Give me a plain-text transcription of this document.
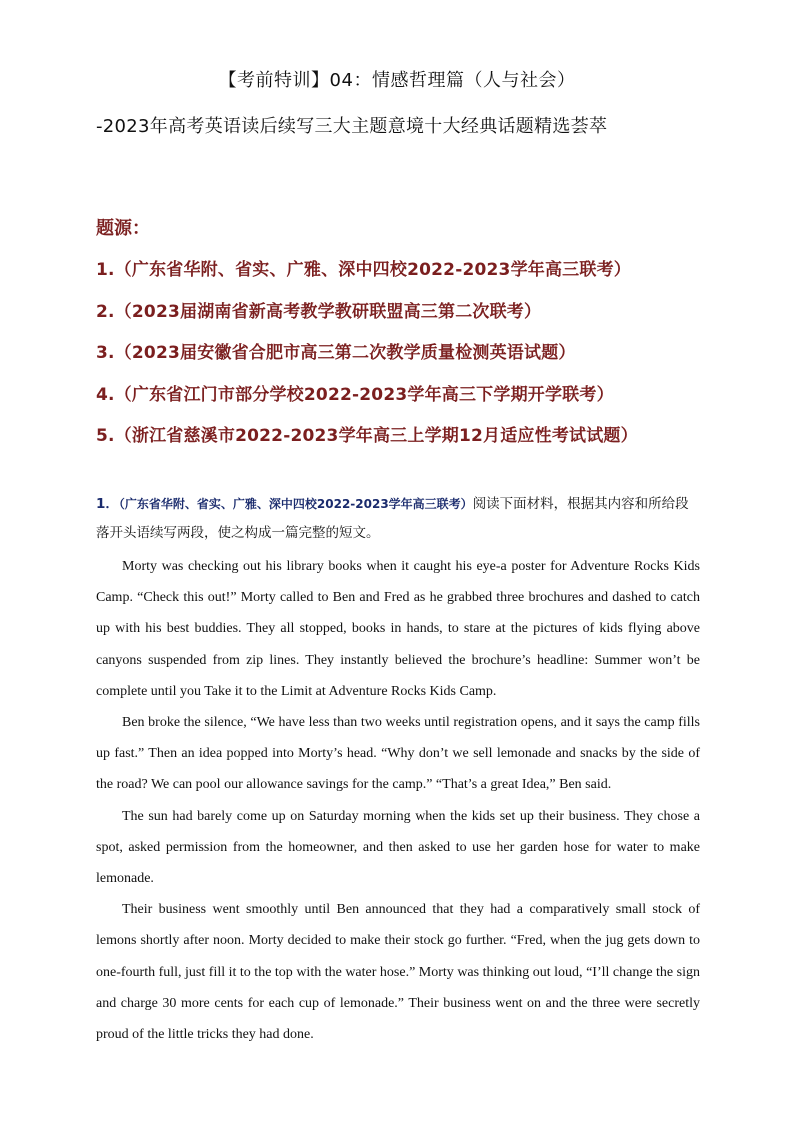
【考前特训】04：情感哲理篇（人与社会）
-2023年高考英语读后续写三大主题意境十大经典话题精选荟萃
题源：
1.（广东省华附、省实、广雅、深中四校2022-2023学年高三联考）
2.（2023届湖南省新高考教学教研联盟高三第二次联考）
3.（2023届安徽省合肥市高三第二次教学质量检测英语试题）
4.（广东省江门市部分学校2022-2023学年高三下学期开学联考）
5.（浙江省慈溪市2022-2023学年高三上学期12月适应性考试试题）
1．（广东省华附、省实、广雅、深中四校2022-2023学年高三联考）阅读下面材料，根据其内容和所给段落开头语续写两段，使之构成一篇完整的短文。

Morty was checking out his library books when it caught his eye-a poster for Adventure Rocks Kids Camp. “Check this out!” Morty called to Ben and Fred as he grabbed three brochures and dashed to catch up with his best buddies. They all stopped, books in hands, to stare at the pictures of kids flying above canyons suspended from zip lines. They instantly believed the brochure’s headline: Summer won’t be complete until you Take it to the Limit at Adventure Rocks Kids Camp.

Ben broke the silence, “We have less than two weeks until registration opens, and it says the camp fills up fast.” Then an idea popped into Morty’s head. “Why don’t we sell lemonade and snacks by the side of the road? We can pool our allowance savings for the camp.” “That’s a great Idea,” Ben said.

The sun had barely come up on Saturday morning when the kids set up their business. They chose a spot, asked permission from the homeowner, and then asked to use her garden hose for water to make lemonade.

Their business went smoothly until Ben announced that they had a comparatively small stock of lemons shortly after noon. Morty decided to make their stock go further. “Fred, when the jug gets down to one-fourth full, just fill it to the top with the water hose.” Morty was thinking out loud, “I’ll change the sign and charge 30 more cents for each cup of lemonade.” Their business went on and the three were secretly proud of the little tricks they had done.
